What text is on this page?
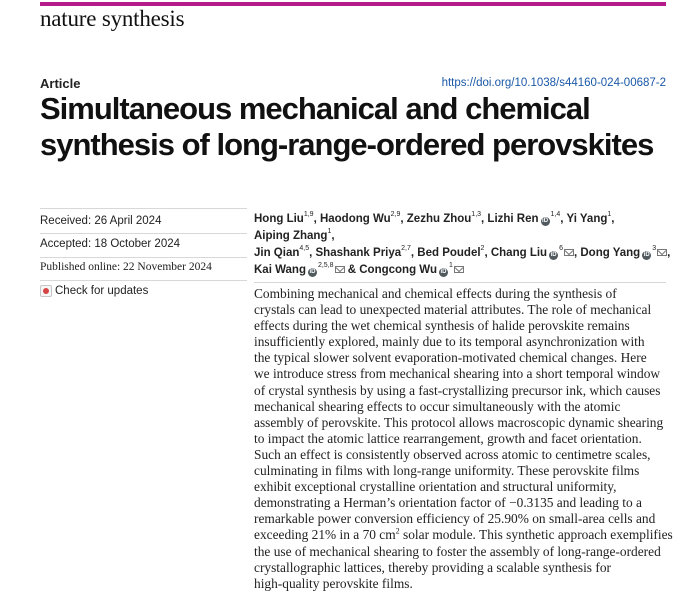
nature synthesis
Article	https://doi.org/10.1038/s44160-024-00687-2
Simultaneous mechanical and chemical
synthesis of long-range-ordered perovskites
Received: 26 April 2024
Accepted: 18 October 2024
Published online: 22 November 2024
Check for updates
Hong Liu$^{1,9}$, Haodong Wu$^{2,9}$, Zezhu Zhou$^{1,3}$, Lizhi Ren iD$^{1,4}$, Yi Yang$^1$, Aiping Zhang$^1$,
Jin Qian$^{4,5}$, Shashank Priya$^{2,7}$, Bed Poudel$^2$, Chang Liu $iD^6$ , Dong Yang $iD^3$ ,
Kai Wang iD$^{2,5,8}$ & Congcong Wu $iD^1$
Combining mechanical and chemical effects during the synthesis of
crystals can lead to unexpected material attributes. The role of mechanical
effects during the wet chemical synthesis of halide perovskite remains
insufficiently explored, mainly due to its temporal asynchronization with
the typical slower solvent evaporation-motivated chemical changes. Here
we introduce stress from mechanical shearing into a short temporal window
of crystal synthesis by using a fast-crystallizing precursor ink, which causes
mechanical shearing effects to occur simultaneously with the atomic
assembly of perovskite. This protocol allows macroscopic dynamic shearing
to impact the atomic lattice rearrangement, growth and facet orientation.
Such an effect is consistently observed across atomic to centimetre scales,
culminating in films with long-range uniformity. These perovskite films
exhibit exceptional crystalline orientation and structural uniformity,
demonstrating a Herman’s orientation factor of −0.3135 and leading to a
remarkable power conversion efficiency of 25.90% on small-area cells and
exceeding 21% in a 70 $cm^2$ solar module. This synthetic approach exemplifies
the use of mechanical shearing to foster the assembly of long-range-ordered
crystallographic lattices, thereby providing a scalable synthesis for
high-quality perovskite films.
